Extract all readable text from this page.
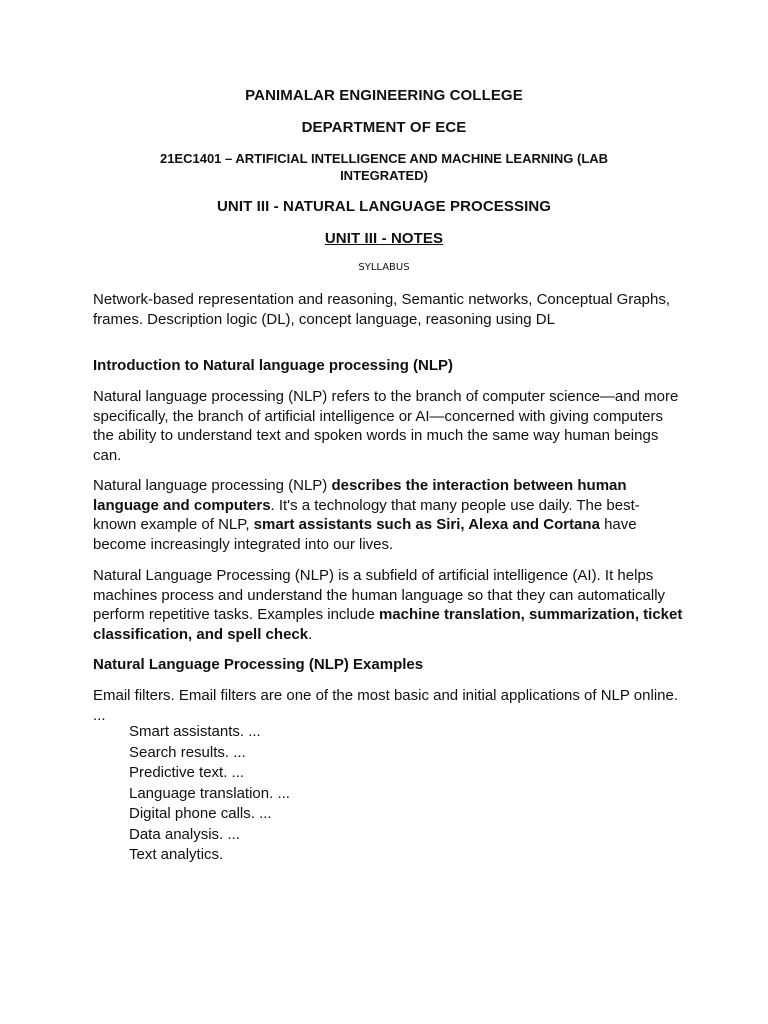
PANIMALAR ENGINEERING COLLEGE
DEPARTMENT OF ECE
21EC1401 – ARTIFICIAL INTELLIGENCE AND MACHINE LEARNING (LAB INTEGRATED)
UNIT III - NATURAL LANGUAGE PROCESSING
UNIT III - NOTES
SYLLABUS
Network-based representation and reasoning, Semantic networks, Conceptual Graphs, frames. Description logic (DL), concept language, reasoning using DL
Introduction to Natural language processing (NLP)
Natural language processing (NLP) refers to the branch of computer science—and more specifically, the branch of artificial intelligence or AI—concerned with giving computers the ability to understand text and spoken words in much the same way human beings can.
Natural language processing (NLP) describes the interaction between human language and computers. It's a technology that many people use daily. The best-known example of NLP, smart assistants such as Siri, Alexa and Cortana have become increasingly integrated into our lives.
Natural Language Processing (NLP) is a subfield of artificial intelligence (AI). It helps machines process and understand the human language so that they can automatically perform repetitive tasks. Examples include machine translation, summarization, ticket classification, and spell check.
Natural Language Processing (NLP) Examples
Email filters. Email filters are one of the most basic and initial applications of NLP online. ...
Smart assistants. ...
Search results. ...
Predictive text. ...
Language translation. ...
Digital phone calls. ...
Data analysis. ...
Text analytics.
